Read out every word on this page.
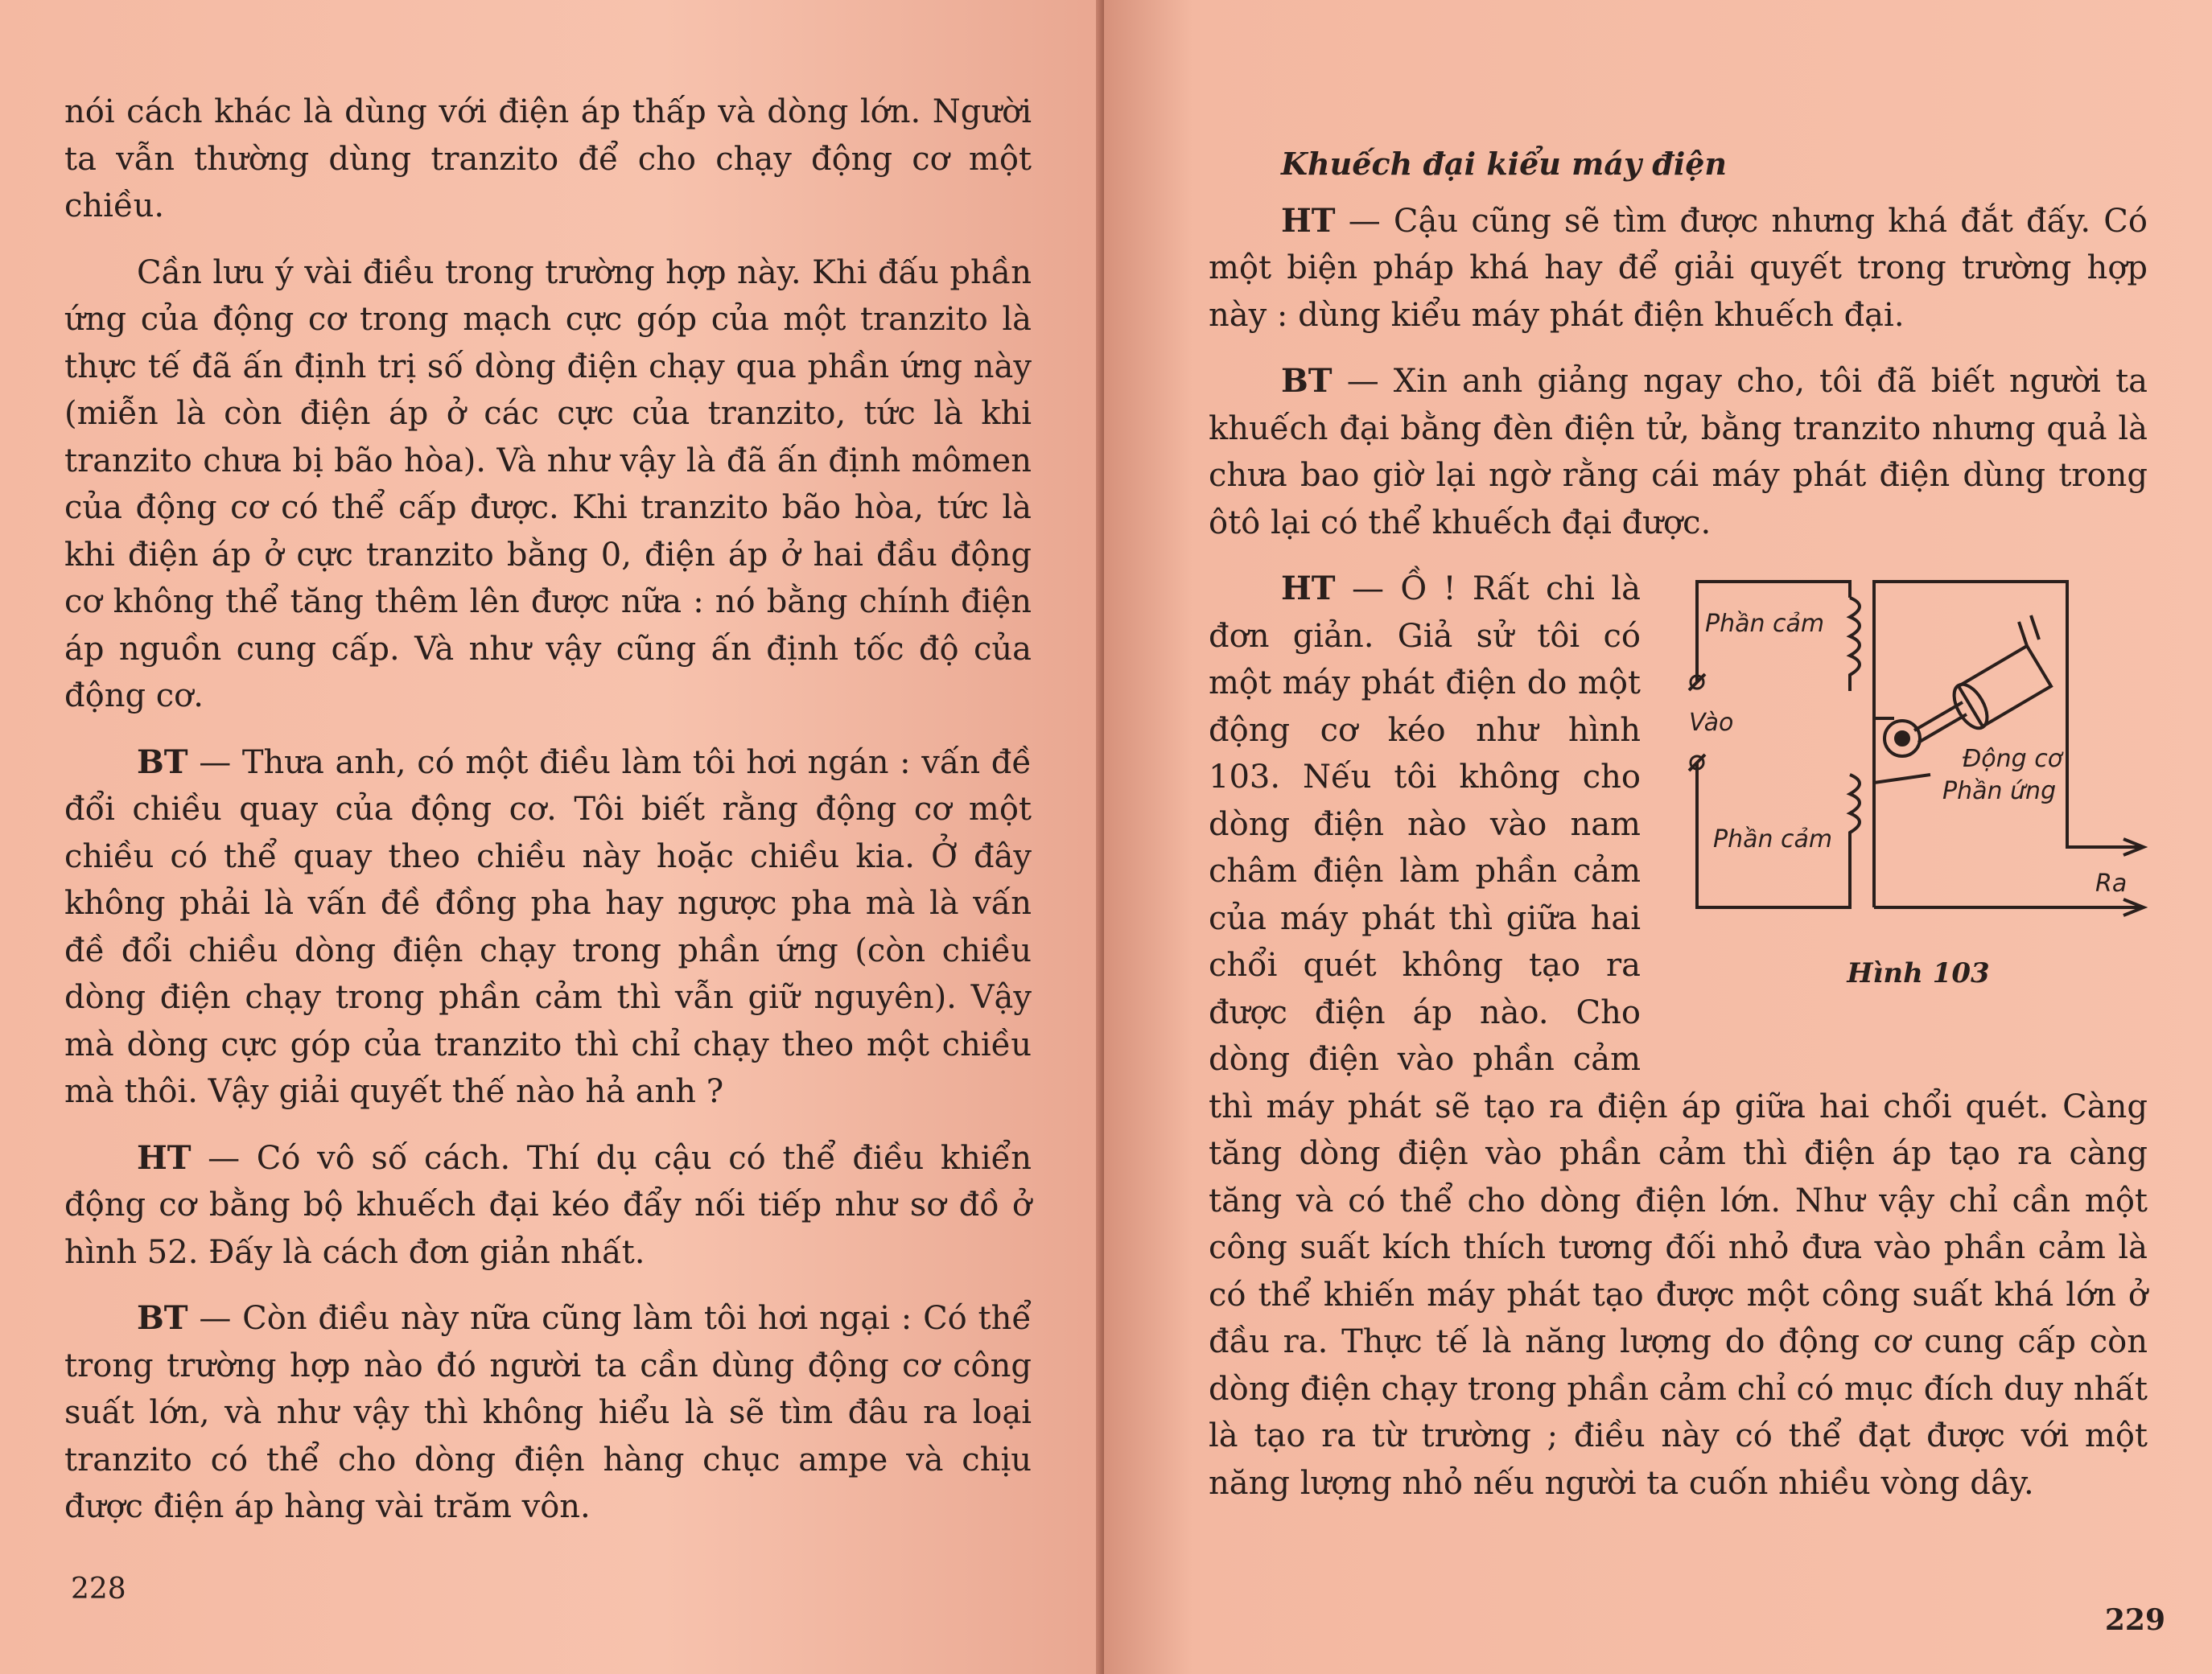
nói cách khác là dùng với điện áp thấp và dòng lớn. Người ta vẫn thường dùng tranzito để cho chạy động cơ một chiều.

Cần lưu ý vài điều trong trường hợp này. Khi đấu phần ứng của động cơ trong mạch cực góp của một tranzito là thực tế đã ấn định trị số dòng điện chạy qua phần ứng này (miễn là còn điện áp ở các cực của tranzito, tức là khi tranzito chưa bị bão hòa). Và như vậy là đã ấn định mômen của động cơ có thể cấp được. Khi tranzito bão hòa, tức là khi điện áp ở cực tranzito bằng 0, điện áp ở hai đầu động cơ không thể tăng thêm lên được nữa : nó bằng chính điện áp nguồn cung cấp. Và như vậy cũng ấn định tốc độ của động cơ.

BT — Thưa anh, có một điều làm tôi hơi ngán : vấn đề đổi chiều quay của động cơ. Tôi biết rằng động cơ một chiều có thể quay theo chiều này hoặc chiều kia. Ở đây không phải là vấn đề đồng pha hay ngược pha mà là vấn đề đổi chiều dòng điện chạy trong phần ứng (còn chiều dòng điện chạy trong phần cảm thì vẫn giữ nguyên). Vậy mà dòng cực góp của tranzito thì chỉ chạy theo một chiều mà thôi. Vậy giải quyết thế nào hả anh ?

HT — Có vô số cách. Thí dụ cậu có thể điều khiển động cơ bằng bộ khuếch đại kéo đẩy nối tiếp như sơ đồ ở hình 52. Đấy là cách đơn giản nhất.

BT — Còn điều này nữa cũng làm tôi hơi ngại : Có thể trong trường hợp nào đó người ta cần dùng động cơ công suất lớn, và như vậy thì không hiểu là sẽ tìm đâu ra loại tranzito có thể cho dòng điện hàng chục ampe và chịu được điện áp hàng vài trăm vôn.

228

Khuếch đại kiểu máy điện

HT — Cậu cũng sẽ tìm được nhưng khá đắt đấy. Có một biện pháp khá hay để giải quyết trong trường hợp này : dùng kiểu máy phát điện khuếch đại.

BT — Xin anh giảng ngay cho, tôi đã biết người ta khuếch đại bằng đèn điện tử, bằng tranzito nhưng quả là chưa bao giờ lại ngờ rằng cái máy phát điện dùng trong ôtô lại có thể khuếch đại được.

Phần cảm
Vào
Phần cảm
Động cơ
Phần ứng
Ra
Hình 103
HT — Ồ ! Rất chi là đơn giản. Giả sử tôi có một máy phát điện do một động cơ kéo như hình 103. Nếu tôi không cho dòng điện nào vào nam châm điện làm phần cảm của máy phát thì giữa hai chổi quét không tạo ra được điện áp nào. Cho dòng điện vào phần cảm thì máy phát sẽ tạo ra điện áp giữa hai chổi quét. Càng tăng dòng điện vào phần cảm thì điện áp tạo ra càng tăng và có thể cho dòng điện lớn. Như vậy chỉ cần một công suất kích thích tương đối nhỏ đưa vào phần cảm là có thể khiến máy phát tạo được một công suất khá lớn ở đầu ra. Thực tế là năng lượng do động cơ cung cấp còn dòng điện chạy trong phần cảm chỉ có mục đích duy nhất là tạo ra từ trường ; điều này có thể đạt được với một năng lượng nhỏ nếu người ta cuốn nhiều vòng dây.

229
